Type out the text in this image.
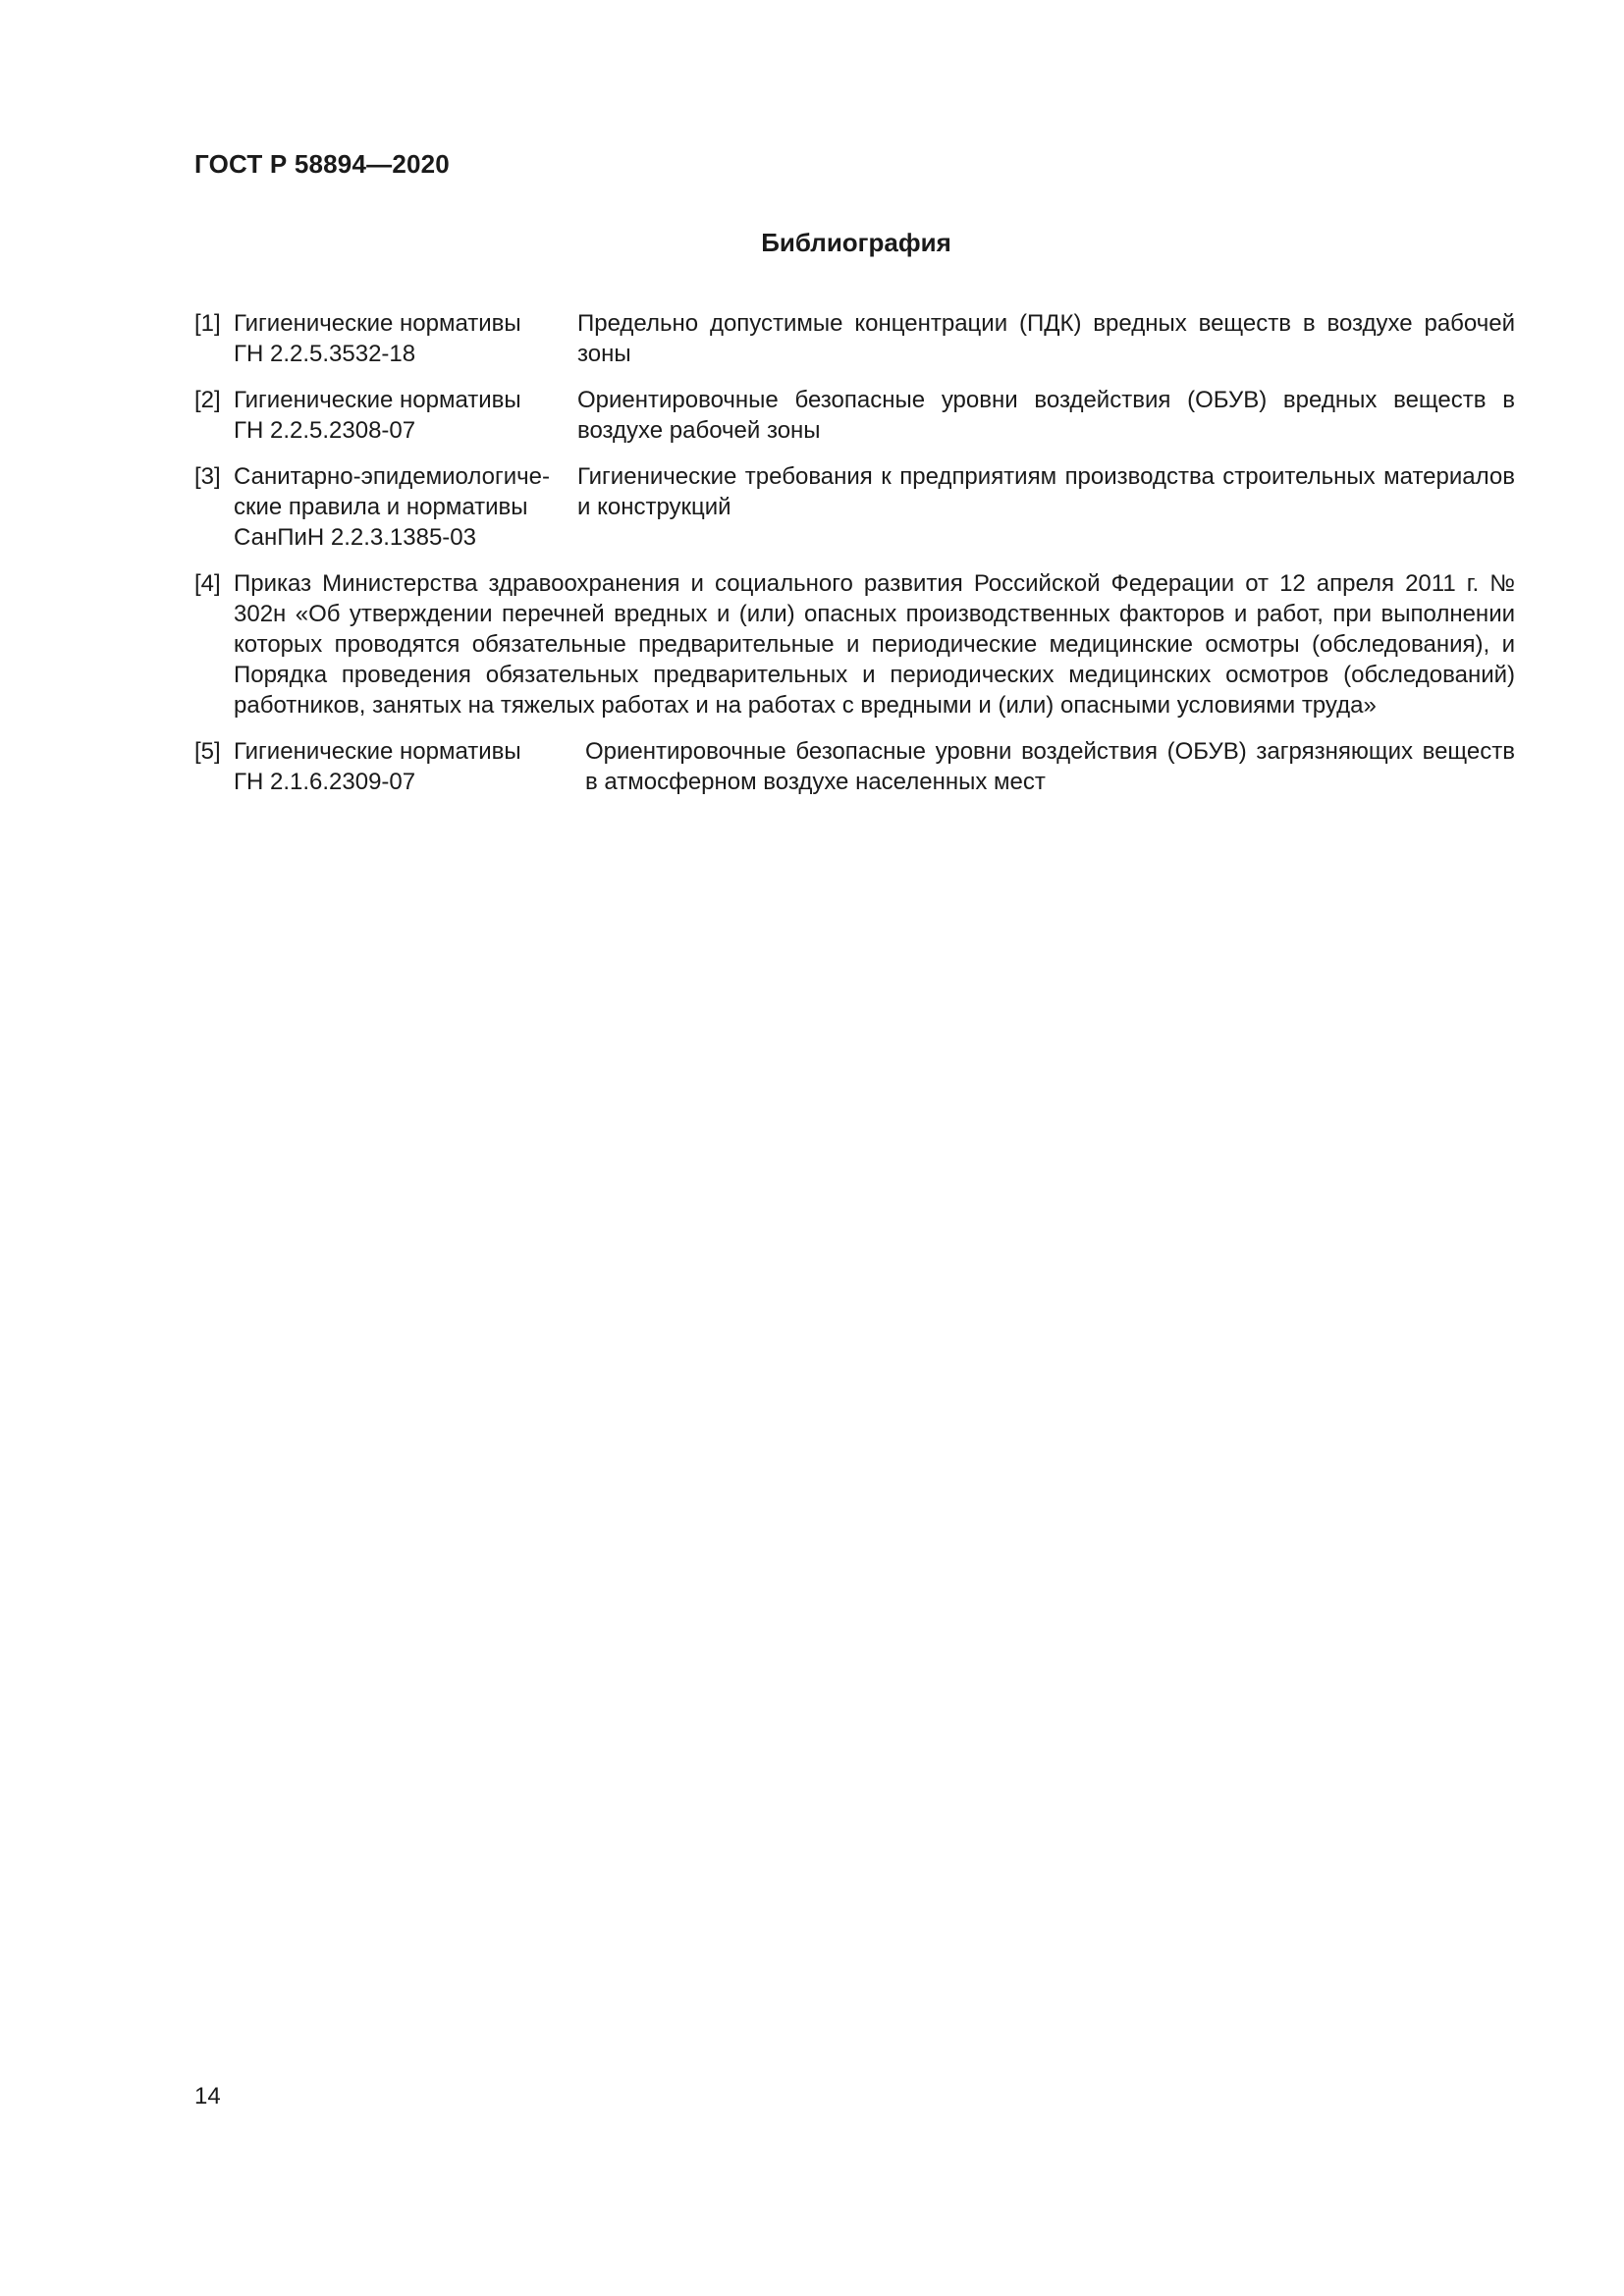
ГОСТ Р 58894—2020
Библиография
[1] Гигиенические нормативы
ГН 2.2.5.3532-18
Предельно допустимые концентрации (ПДК) вредных веществ в воздухе рабочей зоны
[2] Гигиенические нормативы
ГН 2.2.5.2308-07
Ориентировочные безопасные уровни воздействия (ОБУВ) вредных веществ в воздухе рабочей зоны
[3] Санитарно-эпидемиологиче-
ские правила и нормативы
СанПиН 2.2.3.1385-03
Гигиенические требования к предприятиям производства строительных материалов и конструкций
[4] Приказ Министерства здравоохранения и социального развития Российской Федерации от 12 апреля 2011 г. № 302н «Об утверждении перечней вредных и (или) опасных производственных факторов и работ, при выполнении которых проводятся обязательные предварительные и периодические медицинские осмотры (обследования), и Порядка проведения обязательных предварительных и периодических медицинских осмотров (обследований) работников, занятых на тяжелых работах и на работах с вредными и (или) опасными условиями труда»
[5] Гигиенические нормативы
ГН 2.1.6.2309-07
Ориентировочные безопасные уровни воздействия (ОБУВ) загрязняющих веществ в атмосферном воздухе населенных мест
14
